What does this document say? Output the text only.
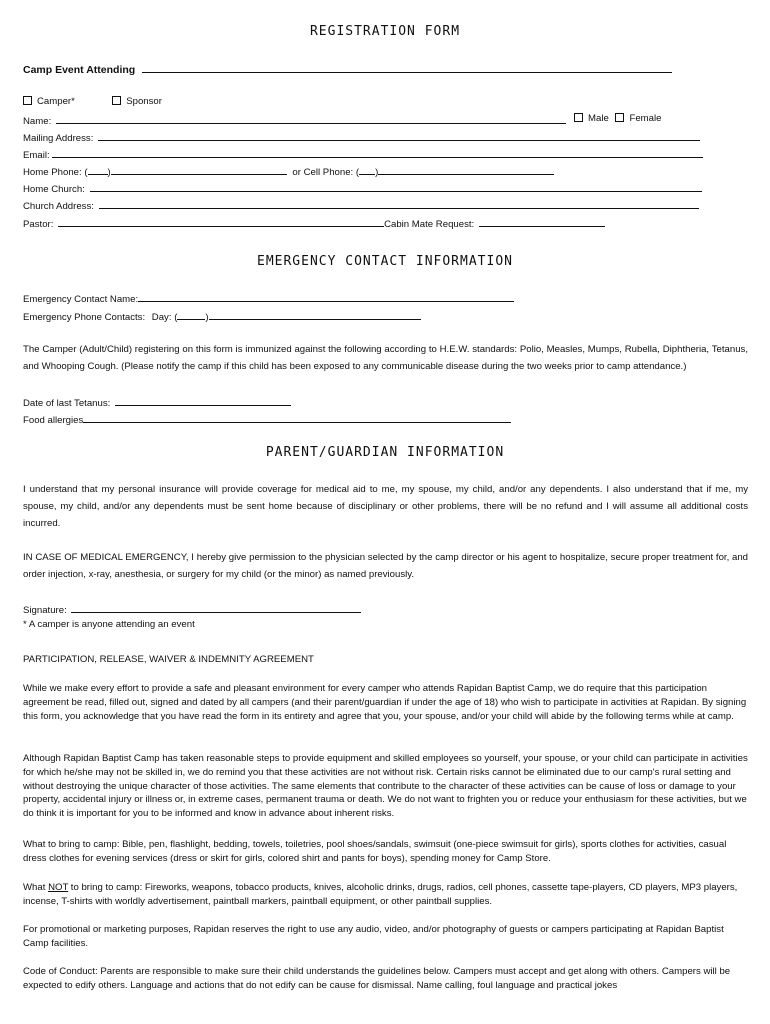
REGISTRATION FORM
Camp Event Attending
Camper*	Sponsor
Name:	Male Female
Mailing Address:
Email:
Home Phone: ( )	or Cell Phone: ( )
Home Church:
Church Address:
Pastor:	Cabin Mate Request:
EMERGENCY CONTACT INFORMATION
Emergency Contact Name:
Emergency Phone Contacts: Day: (	)
The Camper (Adult/Child) registering on this form is immunized against the following according to H.E.W. standards: Polio, Measles, Mumps, Rubella, Diphtheria, Tetanus, and Whooping Cough. (Please notify the camp if this child has been exposed to any communicable disease during the two weeks prior to camp attendance.)
Date of last Tetanus:
Food allergies
PARENT/GUARDIAN INFORMATION
I understand that my personal insurance will provide coverage for medical aid to me, my spouse, my child, and/or any dependents. I also understand that if me, my spouse, my child, and/or any dependents must be sent home because of disciplinary or other problems, there will be no refund and I will assume all additional costs incurred.
IN CASE OF MEDICAL EMERGENCY, I hereby give permission to the physician selected by the camp director or his agent to hospitalize, secure proper treatment for, and order injection, x-ray, anesthesia, or surgery for my child (or the minor) as named previously.
Signature:
* A camper is anyone attending an event
PARTICIPATION, RELEASE, WAIVER & INDEMNITY AGREEMENT
While we make every effort to provide a safe and pleasant environment for every camper who attends Rapidan Baptist Camp, we do require that this participation agreement be read, filled out, signed and dated by all campers (and their parent/guardian if under the age of 18) who wish to participate in activities at Rapidan. By signing this form, you acknowledge that you have read the form in its entirety and agree that you, your spouse, and/or your child will abide by the following terms while at camp.
Although Rapidan Baptist Camp has taken reasonable steps to provide equipment and skilled employees so yourself, your spouse, or your child can participate in activities for which he/she may not be skilled in, we do remind you that these activities are not without risk. Certain risks cannot be eliminated due to our camp's rural setting and without destroying the unique character of those activities. The same elements that contribute to the character of these activities can be cause of loss or damage to your property, accidental injury or illness or, in extreme cases, permanent trauma or death. We do not want to frighten you or reduce your enthusiasm for these activities, but we do think it is important for you to be informed and know in advance about inherent risks.
What to bring to camp: Bible, pen, flashlight, bedding, towels, toiletries, pool shoes/sandals, swimsuit (one-piece swimsuit for girls), sports clothes for activities, casual dress clothes for evening services (dress or skirt for girls, colored shirt and pants for boys), spending money for Camp Store.
What NOT to bring to camp: Fireworks, weapons, tobacco products, knives, alcoholic drinks, drugs, radios, cell phones, cassette tape-players, CD players, MP3 players, incense, T-shirts with worldly advertisement, paintball markers, paintball equipment, or other paintball supplies.
For promotional or marketing purposes, Rapidan reserves the right to use any audio, video, and/or photography of guests or campers participating at Rapidan Baptist Camp facilities.
Code of Conduct: Parents are responsible to make sure their child understands the guidelines below. Campers must accept and get along with others. Campers will be expected to edify others. Language and actions that do not edify can be cause for dismissal. Name calling, foul language and practical jokes
